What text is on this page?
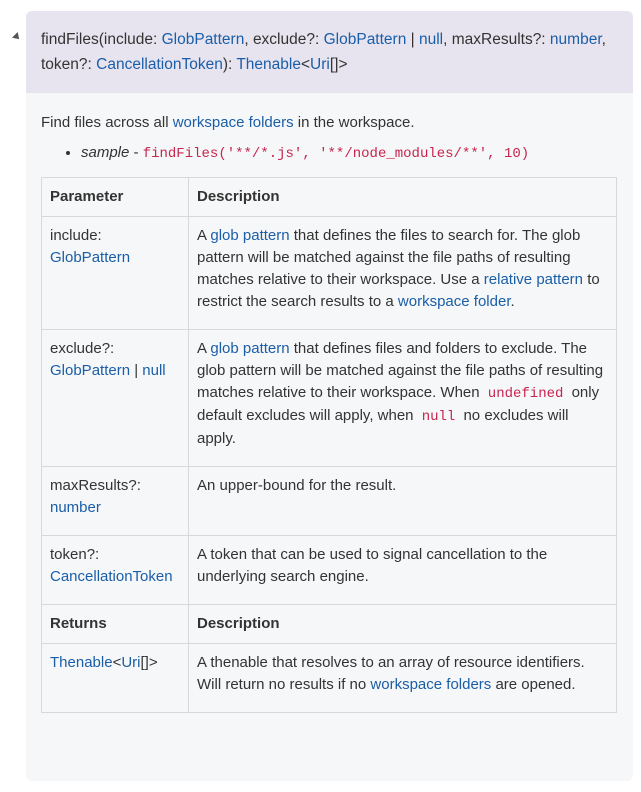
findFiles(include: GlobPattern, exclude?: GlobPattern | null, maxResults?: number, token?: CancellationToken): Thenable<Uri[]>

Find files across all workspace folders in the workspace.

• sample - findFiles('**/*.js', '**/node_modules/**', 10)
Parameter	Description
include:
GlobPattern	A glob pattern that defines the files to search for. The glob pattern will be matched against the file paths of resulting matches relative to their workspace. Use a relative pattern to restrict the search results to a workspace folder.
exclude?:
GlobPattern | null	A glob pattern that defines files and folders to exclude. The glob pattern will be matched against the file paths of resulting matches relative to their workspace. When undefined only default excludes will apply, when null no excludes will apply.
maxResults?:
number	An upper-bound for the result.
token?:
CancellationToken	A token that can be used to signal cancellation to the underlying search engine.
Returns	Description
Thenable<Uri[]>	A thenable that resolves to an array of resource identifiers. Will return no results if no workspace folders are opened.
